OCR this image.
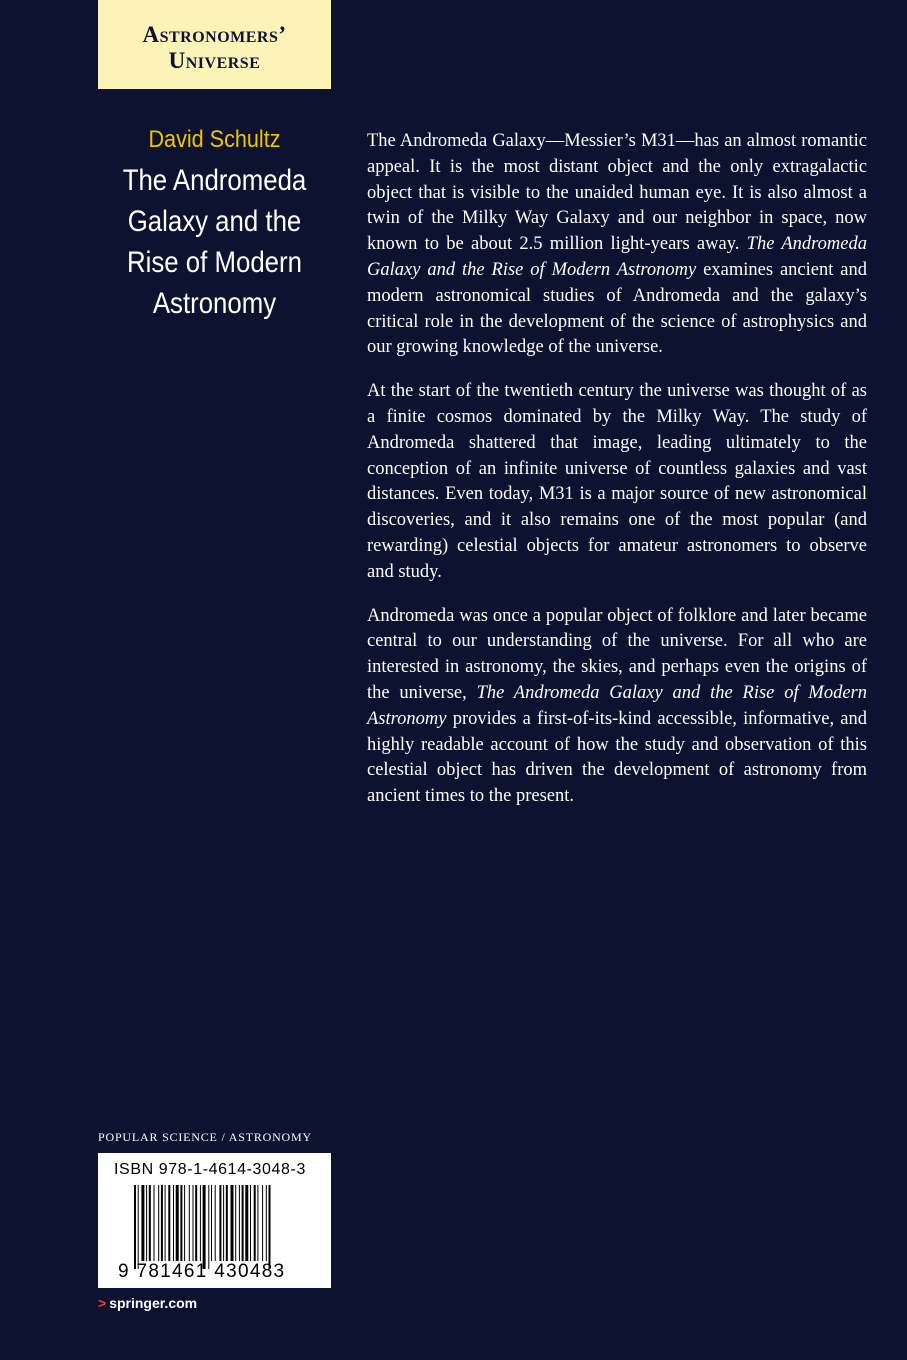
Astronomers’
Universe
David Schultz
The Andromeda
Galaxy and the
Rise of Modern
Astronomy

The Andromeda Galaxy—Messier’s M31—has an almost romantic appeal. It is the most distant object and the only extragalactic object that is visible to the unaided human eye. It is also almost a twin of the Milky Way Galaxy and our neighbor in space, now known to be about 2.5 million light-years away. The Andromeda Galaxy and the Rise of Modern Astronomy examines ancient and modern astronomical studies of Andromeda and the galaxy’s critical role in the development of the science of astrophysics and our growing knowledge of the universe.

At the start of the twentieth century the universe was thought of as a finite cosmos dominated by the Milky Way. The study of Andromeda shattered that image, leading ultimately to the conception of an infinite universe of countless galaxies and vast distances. Even today, M31 is a major source of new astronomical discoveries, and it also remains one of the most popular (and rewarding) celestial objects for amateur astronomers to observe and study.

Andromeda was once a popular object of folklore and later became central to our understanding of the universe. For all who are interested in astronomy, the skies, and perhaps even the origins of the universe, The Andromeda Galaxy and the Rise of Modern Astronomy provides a first-of-its-kind accessible, informative, and highly readable account of how the study and observation of this celestial object has driven the development of astronomy from ancient times to the present.

POPULAR SCIENCE / ASTRONOMY
ISBN 978-1-4614-3048-3
9 781461 430483
> springer.com
